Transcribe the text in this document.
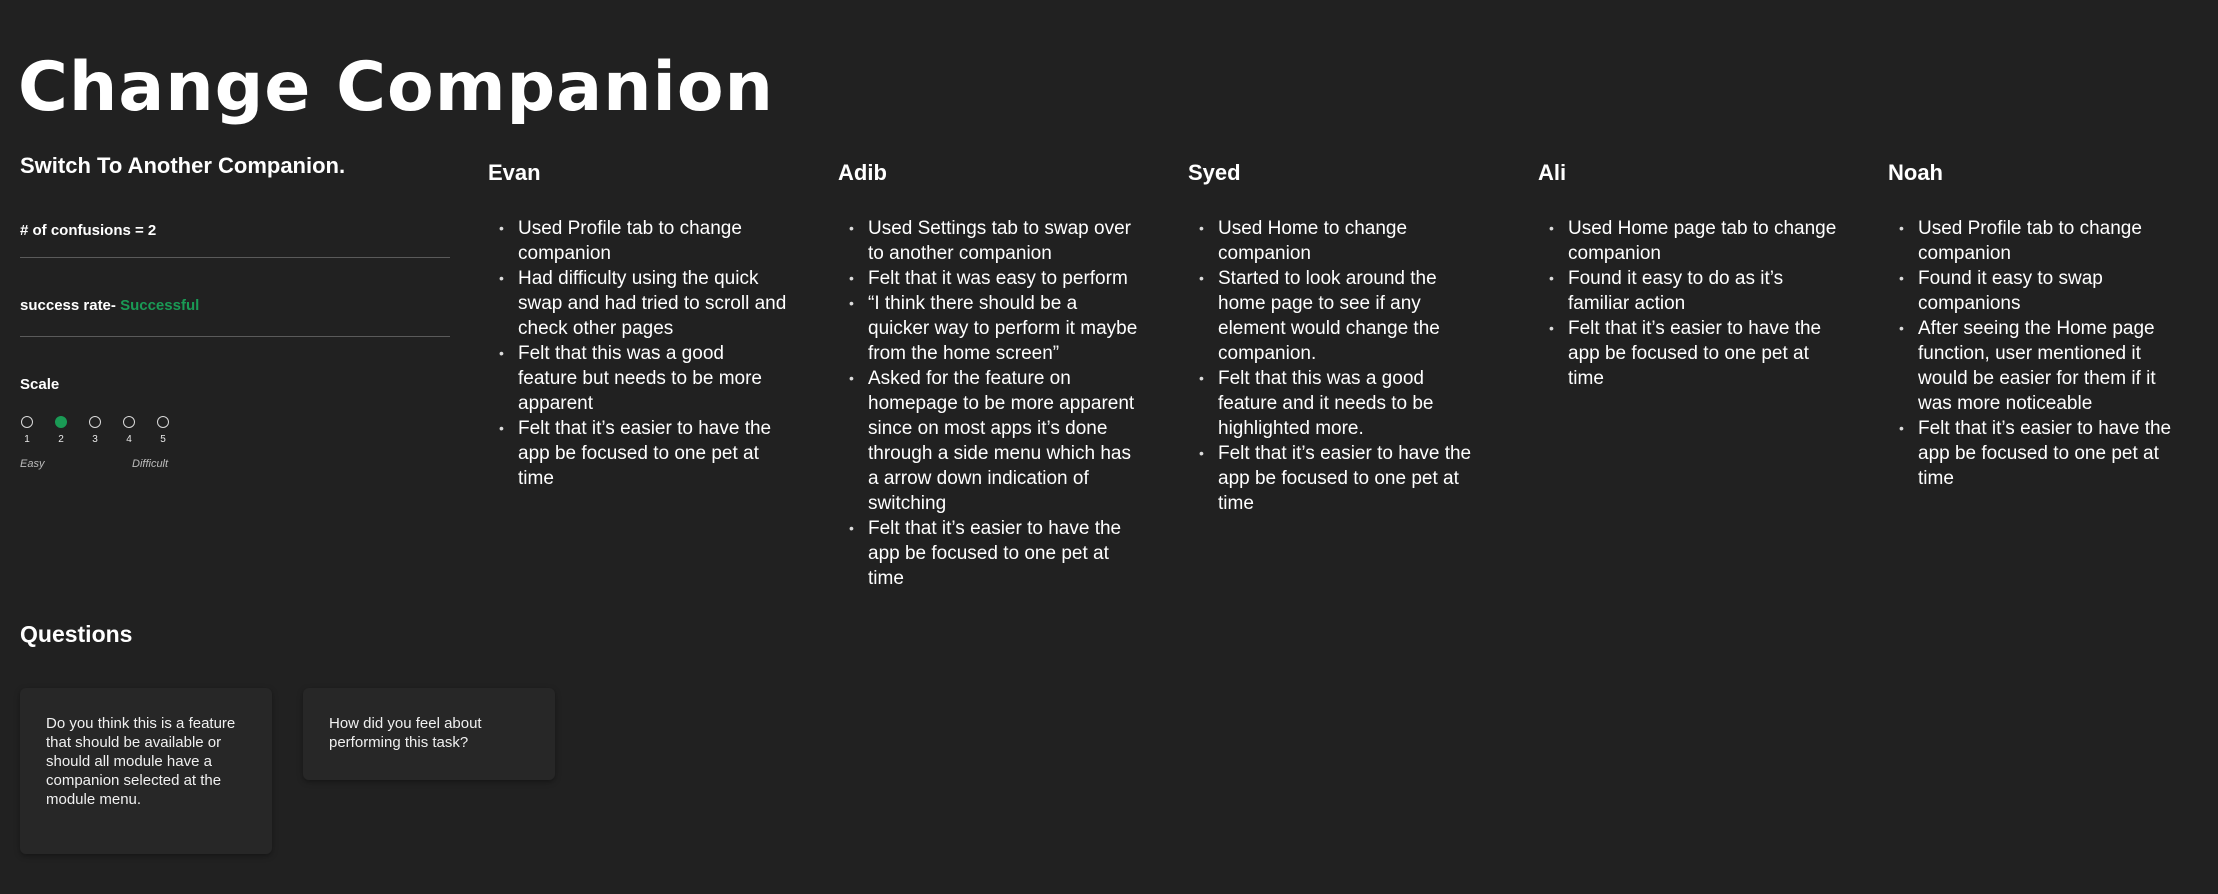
Change Companion
Switch To Another Companion.
# of confusions = 2
success rate- Successful
Scale
1	2	3	4	5
Easy	Difficult
Evan
• Used Profile tab to change companion
• Had difficulty using the quick swap and had tried to scroll and check other pages
• Felt that this was a good feature but needs to be more apparent
• Felt that it’s easier to have the app be focused to one pet at time
Adib
• Used Settings tab to swap over to another companion
• Felt that it was easy to perform
• “I think there should be a quicker way to perform it maybe from the home screen”
• Asked for the feature on homepage to be more apparent since on most apps it’s done through a side menu which has a arrow down indication of switching
• Felt that it’s easier to have the app be focused to one pet at time
Syed
• Used Home to change companion
• Started to look around the home page to see if any element would change the companion.
• Felt that this was a good feature and it needs to be highlighted more.
• Felt that it’s easier to have the app be focused to one pet at time
Ali
• Used Home page tab to change companion
• Found it easy to do as it’s familiar action
• Felt that it’s easier to have the app be focused to one pet at time
Noah
• Used Profile tab to change companion
• Found it easy to swap companions
• After seeing the Home page function, user mentioned it would be easier for them if it was more noticeable
• Felt that it’s easier to have the app be focused to one pet at time
Questions
Do you think this is a feature that should be available or should all module have a companion selected at the module menu.
How did you feel about performing this task?
